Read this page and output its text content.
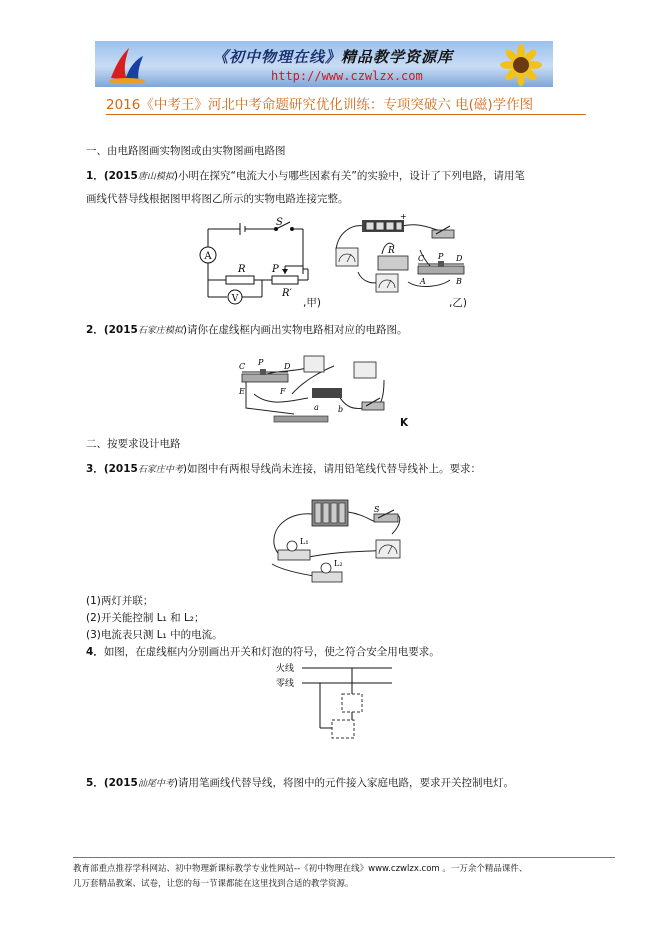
《初中物理在线》精品教学资源库
http://www.czwlzx.com
2016《中考王》河北中考命题研究优化训练：专项突破六 电(磁)学作图
一、由电路图画实物图或由实物图画电路图
1．(2015唐山模拟)小明在探究“电流大小与哪些因素有关”的实验中，设计了下列电路，请用笔
画线代替导线根据图甲将图乙所示的实物电路连接完整。
A
V
S
R	P
R′
,甲)
+
R
C P D
A	B
,乙)
2．(2015石家庄模拟)请你在虚线框内画出实物电路相对应的电路图。
C P	D
E	F
a b
K
二、按要求设计电路
3．(2015石家庄中考)如图中有两根导线尚未连接，请用铅笔线代替导线补上。要求：
S
L₁
L₂
(1)两灯并联；
(2)开关能控制 L₁ 和 L₂；
(3)电流表只测 L₁ 中的电流。
4．如图，在虚线框内分别画出开关和灯泡的符号，使之符合安全用电要求。
火线
零线
5．(2015汕尾中考)请用笔画线代替导线，将图中的元件接入家庭电路，要求开关控制电灯。
教育部重点推荐学科网站、初中物理新课标教学专业性网站--《初中物理在线》www.czwlzx.com 。一万余个精品课件、
几万套精品教案、试卷，让您的每一节课都能在这里找到合适的教学资源。
